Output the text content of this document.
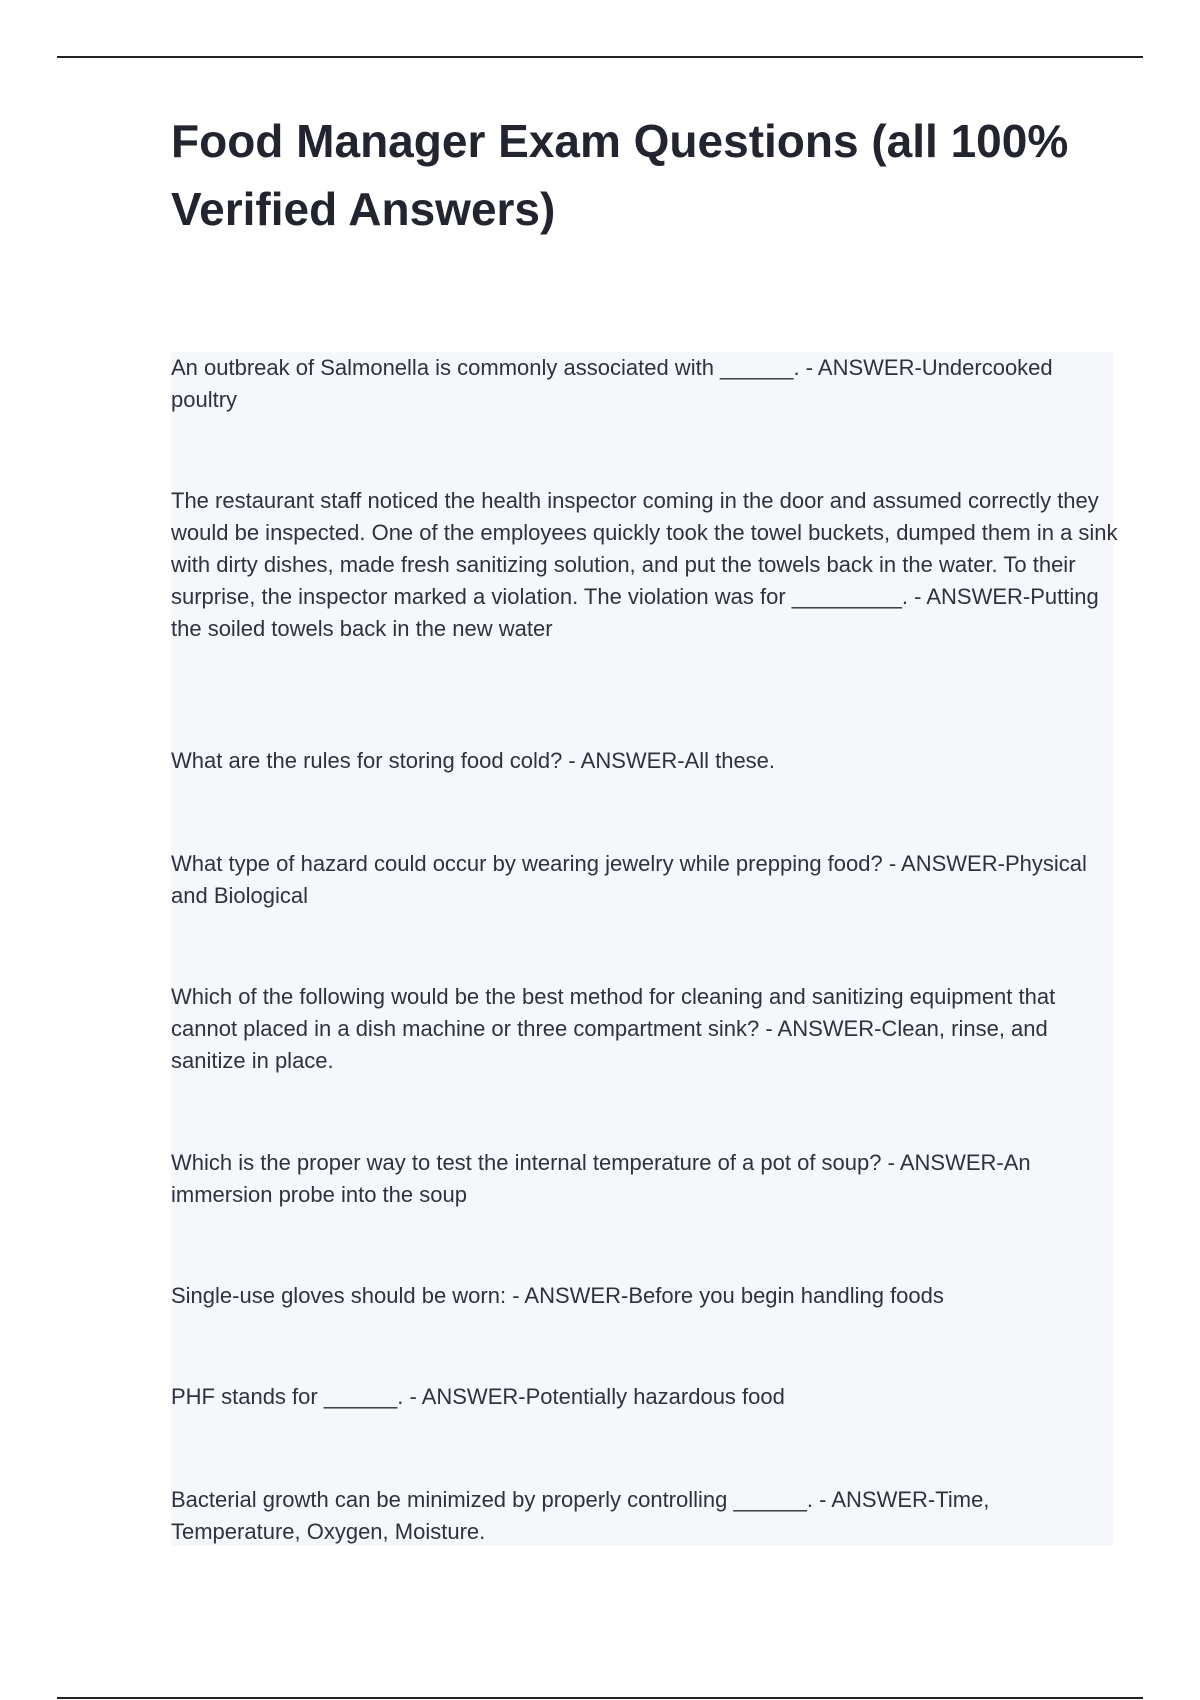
Food Manager Exam Questions (all 100% Verified Answers)

An outbreak of Salmonella is commonly associated with ______. - ANSWER-Undercooked poultry

The restaurant staff noticed the health inspector coming in the door and assumed correctly they would be inspected. One of the employees quickly took the towel buckets, dumped them in a sink with dirty dishes, made fresh sanitizing solution, and put the towels back in the water. To their surprise, the inspector marked a violation. The violation was for _________. - ANSWER-Putting the soiled towels back in the new water

What are the rules for storing food cold? - ANSWER-All these.

What type of hazard could occur by wearing jewelry while prepping food? - ANSWER-Physical and Biological

Which of the following would be the best method for cleaning and sanitizing equipment that cannot placed in a dish machine or three compartment sink? - ANSWER-Clean, rinse, and sanitize in place.

Which is the proper way to test the internal temperature of a pot of soup? - ANSWER-An immersion probe into the soup

Single-use gloves should be worn: - ANSWER-Before you begin handling foods

PHF stands for ______. - ANSWER-Potentially hazardous food

Bacterial growth can be minimized by properly controlling ______. - ANSWER-Time, Temperature, Oxygen, Moisture.
